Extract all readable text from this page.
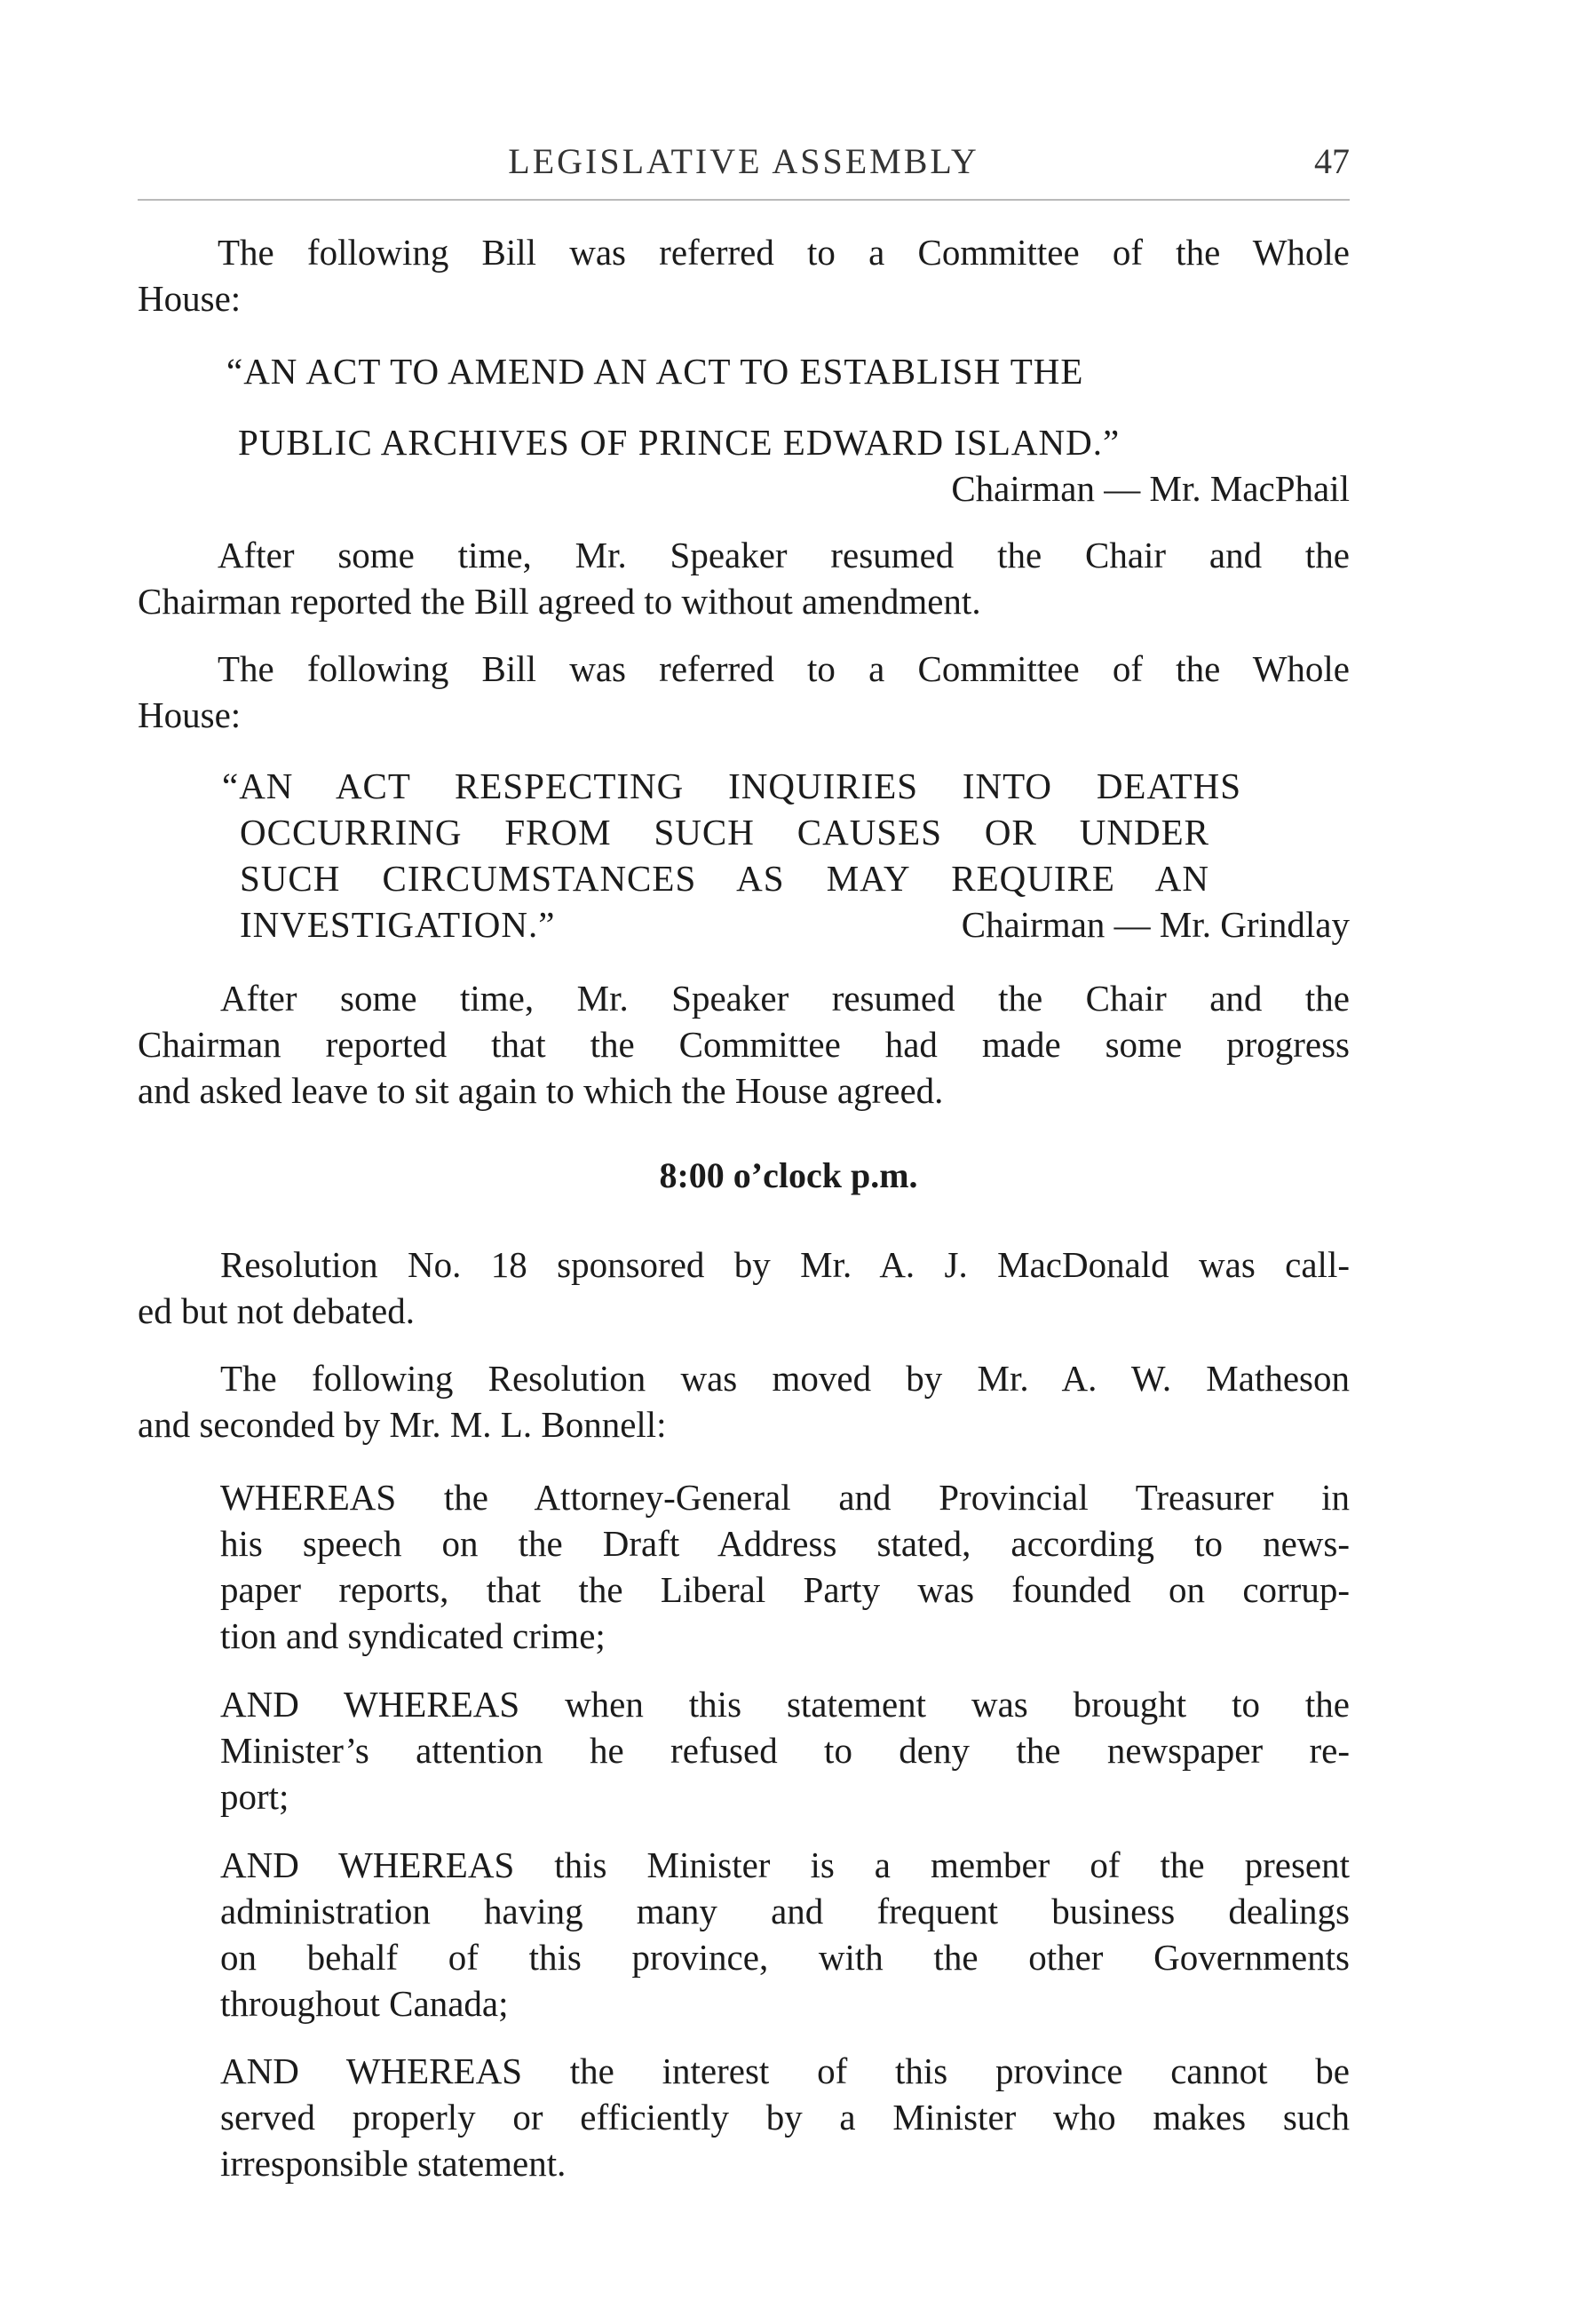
LEGISLATIVE ASSEMBLY	47
The following Bill was referred to a Committee of the Whole
House:
“AN ACT TO AMEND AN ACT TO ESTABLISH THE
PUBLIC ARCHIVES OF PRINCE EDWARD ISLAND.”
Chairman — Mr. MacPhail
After some time, Mr. Speaker resumed the Chair and the
Chairman reported the Bill agreed to without amendment.
The following Bill was referred to a Committee of the Whole
House:
“AN ACT RESPECTING INQUIRIES INTO DEATHS
OCCURRING FROM SUCH CAUSES OR UNDER
SUCH CIRCUMSTANCES AS MAY REQUIRE AN
INVESTIGATION.”	Chairman — Mr. Grindlay
After some time, Mr. Speaker resumed the Chair and the
Chairman reported that the Committee had made some progress
and asked leave to sit again to which the House agreed.
8:00 o’clock p.m.
Resolution No. 18 sponsored by Mr. A. J. MacDonald was call-
ed but not debated.
The following Resolution was moved by Mr. A. W. Matheson
and seconded by Mr. M. L. Bonnell:
WHEREAS the Attorney-General and Provincial Treasurer in
his speech on the Draft Address stated, according to news-
paper reports, that the Liberal Party was founded on corrup-
tion and syndicated crime;
AND WHEREAS when this statement was brought to the
Minister’s attention he refused to deny the newspaper re-
port;
AND WHEREAS this Minister is a member of the present
administration having many and frequent business dealings
on behalf of this province, with the other Governments
throughout Canada;
AND WHEREAS the interest of this province cannot be
served properly or efficiently by a Minister who makes such
irresponsible statement.
